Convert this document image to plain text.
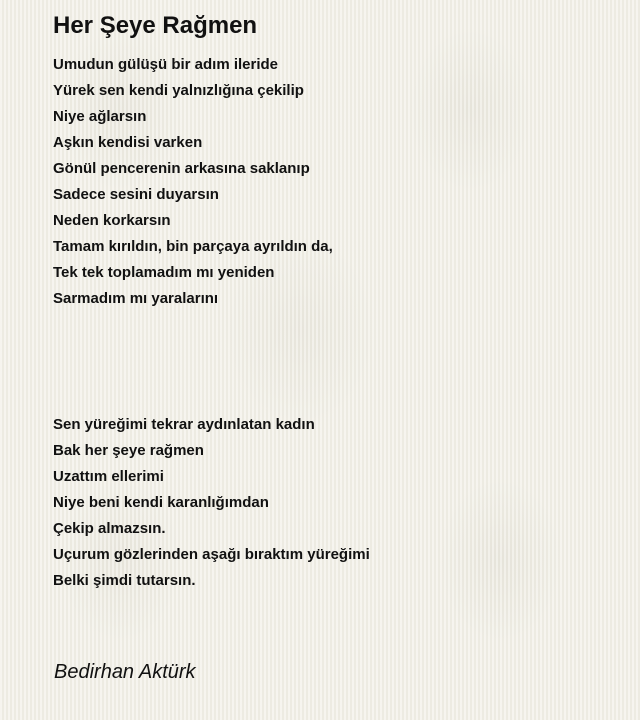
Her Şeye Rağmen
Umudun gülüşü bir adım ileride
Yürek sen kendi yalnızlığına çekilip
Niye ağlarsın
Aşkın kendisi varken
Gönül pencerenin arkasına saklanıp
Sadece sesini duyarsın
Neden korkarsın
Tamam kırıldın, bin parçaya ayrıldın da,
Tek tek toplamadım mı yeniden
Sarmadım mı yaralarını
Sen yüreğimi tekrar aydınlatan kadın
Bak her şeye rağmen
Uzattım ellerimi
Niye beni kendi karanlığımdan
Çekip almazsın.
Uçurum gözlerinden aşağı bıraktım yüreğimi
Belki şimdi tutarsın.
Bedirhan Aktürk
